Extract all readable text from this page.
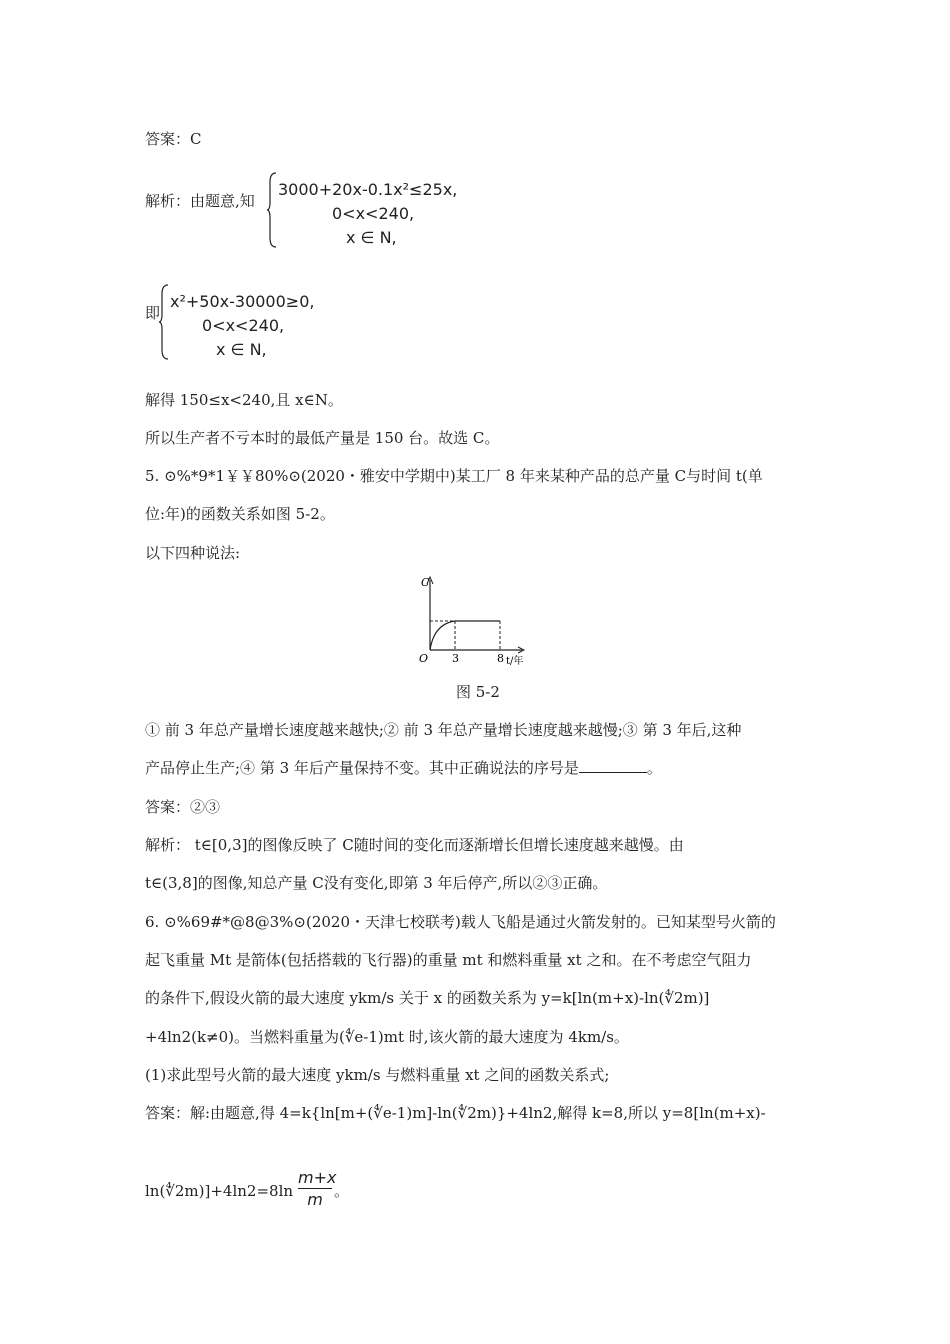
答案：C
解析：由题意,知
3000+20x-0.1x²≤25x,
0<x<240,
x ∈ N,
即
x²+50x-30000≥0,
0<x<240,
x ∈ N,
解得 150≤x<240,且 x∈N。
所以生产者不亏本时的最低产量是 150 台。故选 C。
5. ⊙%*9*1￥￥80%⊙(2020・雅安中学期中)某工厂 8 年来某种产品的总产量 C与时间 t(单
位:年)的函数关系如图 5-2。
以下四种说法:
C
O 3	8 t/年
图 5-2
① 前 3 年总产量增长速度越来越快;② 前 3 年总产量增长速度越来越慢;③ 第 3 年后,这种
产品停止生产;④ 第 3 年后产量保持不变。其中正确说法的序号是	。
答案：②③
解析： t∈[0,3]的图像反映了 C随时间的变化而逐渐增长但增长速度越来越慢。由
t∈(3,8]的图像,知总产量 C没有变化,即第 3 年后停产,所以②③正确。
6. ⊙%69#*@8@3%⊙(2020・天津七校联考)载人飞船是通过火箭发射的。已知某型号火箭的
起飞重量 Mt 是箭体(包括搭载的飞行器)的重量 mt 和燃料重量 xt 之和。在不考虑空气阻力
的条件下,假设火箭的最大速度 ykm/s 关于 x 的函数关系为 y=k[ln(m+x)-ln(∜2m)]
+4ln2(k≠0)。当燃料重量为(∜e-1)mt 时,该火箭的最大速度为 4km/s。
(1)求此型号火箭的最大速度 ykm/s 与燃料重量 xt 之间的函数关系式;
答案：解:由题意,得 4=k{ln[m+(∜e-1)m]-ln(∜2m)}+4ln2,解得 k=8,所以 y=8[ln(m+x)-
ln(∜2m)]+4ln2=8ln
m+x
m 。
